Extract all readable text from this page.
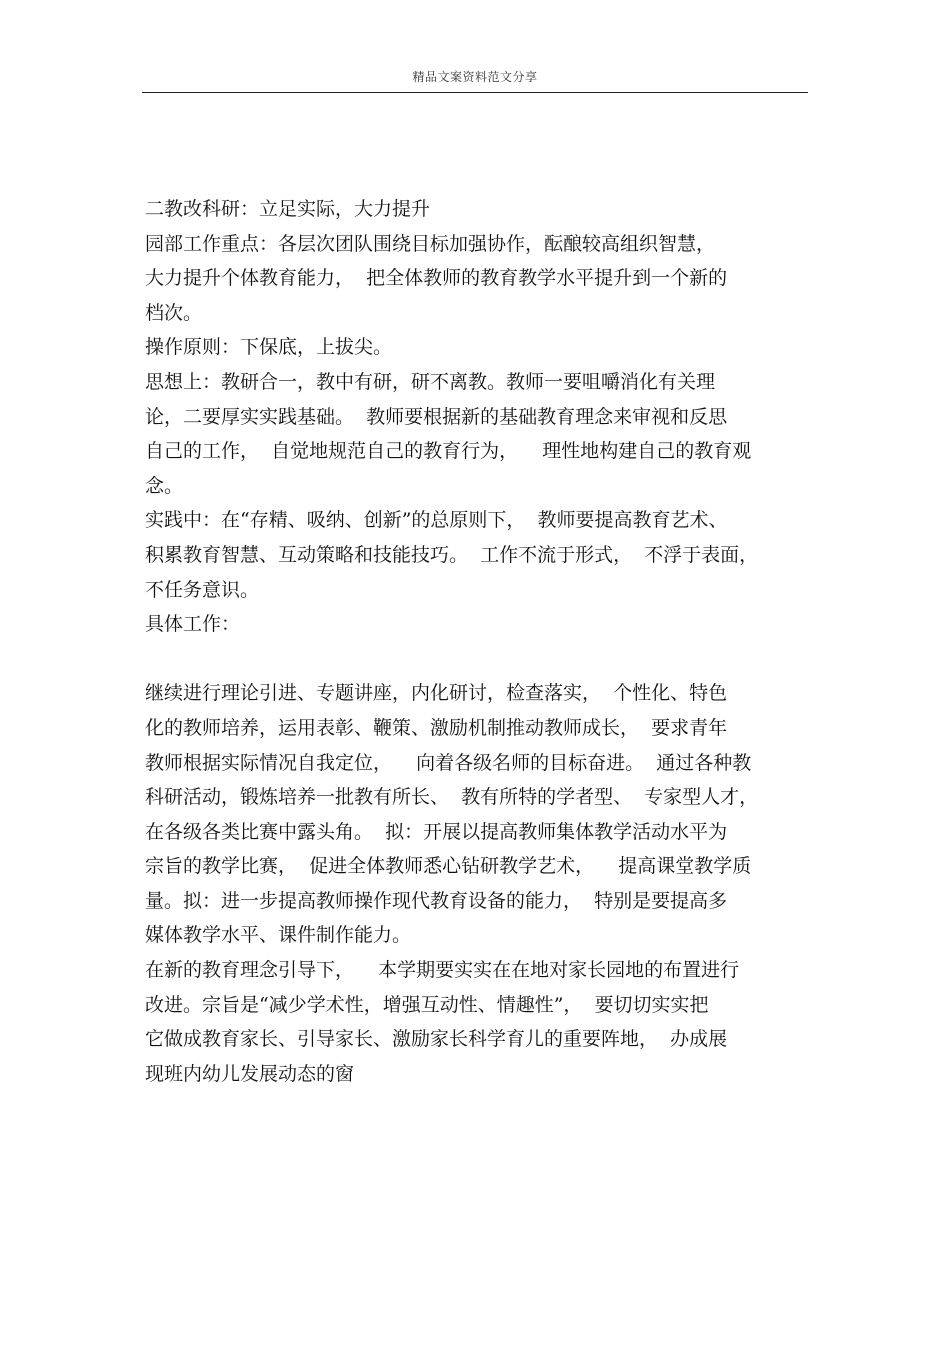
精品文案资料范文分享
二教改科研：立足实际，大力提升
园部工作重点：各层次团队围绕目标加强协作，酝酿较高组织智慧，
大力提升个体教育能力，  把全体教师的教育教学水平提升到一个新的
档次。
操作原则：下保底，上拔尖。
思想上：教研合一，教中有研，研不离教。教师一要咀嚼消化有关理
论，二要厚实实践基础。  教师要根据新的基础教育理念来审视和反思
自己的工作，  自觉地规范自己的教育行为，    理性地构建自己的教育观
念。
实践中：在“存精、吸纳、创新”的总原则下，  教师要提高教育艺术、
积累教育智慧、互动策略和技能技巧。  工作不流于形式，  不浮于表面，
不任务意识。
具体工作：
继续进行理论引进、专题讲座，内化研讨，检查落实，  个性化、特色
化的教师培养，运用表彰、鞭策、激励机制推动教师成长，  要求青年
教师根据实际情况自我定位，    向着各级名师的目标奋进。  通过各种教
科研活动，锻炼培养一批教有所长、  教有所特的学者型、  专家型人才，
在各级各类比赛中露头角。  拟：开展以提高教师集体教学活动水平为
宗旨的教学比赛，  促进全体教师悉心钻研教学艺术，    提高课堂教学质
量。拟：进一步提高教师操作现代教育设备的能力，  特别是要提高多
媒体教学水平、课件制作能力。
在新的教育理念引导下，    本学期要实实在在地对家长园地的布置进行
改进。宗旨是“减少学术性，增强互动性、情趣性”，  要切切实实把
它做成教育家长、引导家长、激励家长科学育儿的重要阵地，  办成展
现班内幼儿发展动态的窗
